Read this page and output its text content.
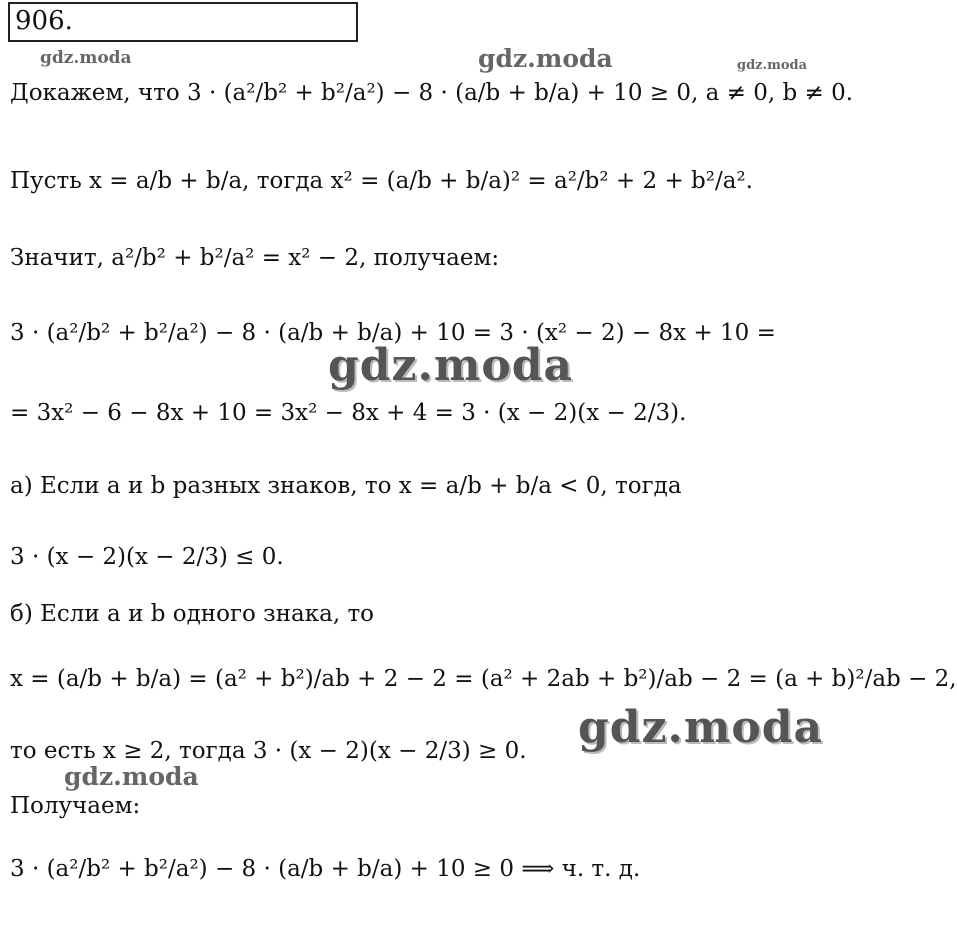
906.
gdz.moda	gdz.moda	gdz.moda
gdz.moda
gdz.moda
gdz.moda
Докажем, что 3 · (a²/b² + b²/a²) − 8 · (a/b + b/a) + 10 ≥ 0, a ≠ 0, b ≠ 0.
Пусть x = a/b + b/a, тогда x² = (a/b + b/a)² = a²/b² + 2 + b²/a².
Значит, a²/b² + b²/a² = x² − 2, получаем:
3 · (a²/b² + b²/a²) − 8 · (a/b + b/a) + 10 = 3 · (x² − 2) − 8x + 10 =
= 3x² − 6 − 8x + 10 = 3x² − 8x + 4 = 3 · (x − 2)(x − 2/3).
а) Если a и b разных знаков, то x = a/b + b/a < 0, тогда
3 · (x − 2)(x − 2/3) ≤ 0.
б) Если a и b одного знака, то
x = (a/b + b/a) = (a² + b²)/ab + 2 − 2 = (a² + 2ab + b²)/ab − 2 = (a + b)²/ab − 2,
то есть x ≥ 2, тогда 3 · (x − 2)(x − 2/3) ≥ 0.
Получаем:
3 · (a²/b² + b²/a²) − 8 · (a/b + b/a) + 10 ≥ 0 ⟹ ч. т. д.
